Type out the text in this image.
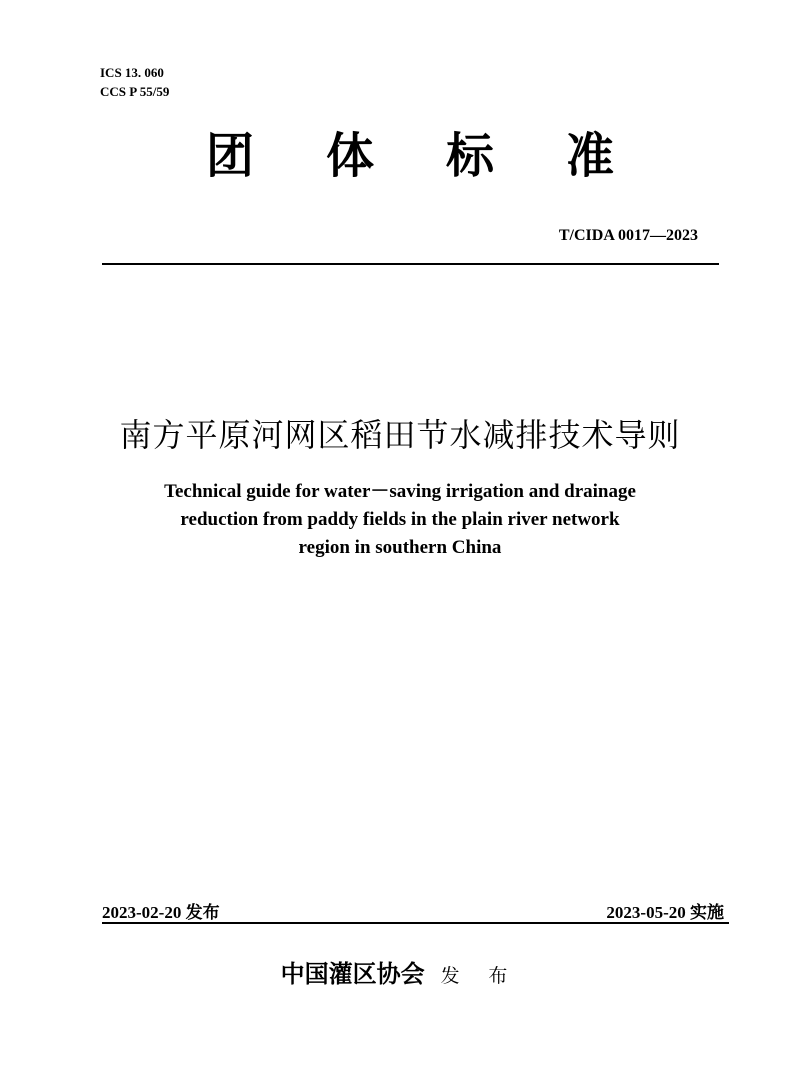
ICS 13. 060
CCS P 55/59
团 体 标 准
T/CIDA 0017—2023
南方平原河网区稻田节水减排技术导则
Technical guide for water－saving irrigation and drainage
reduction from paddy fields in the plain river network
region in southern China
2023-02-20 发布	2023-05-20 实施
中国灌区协会 发 布
